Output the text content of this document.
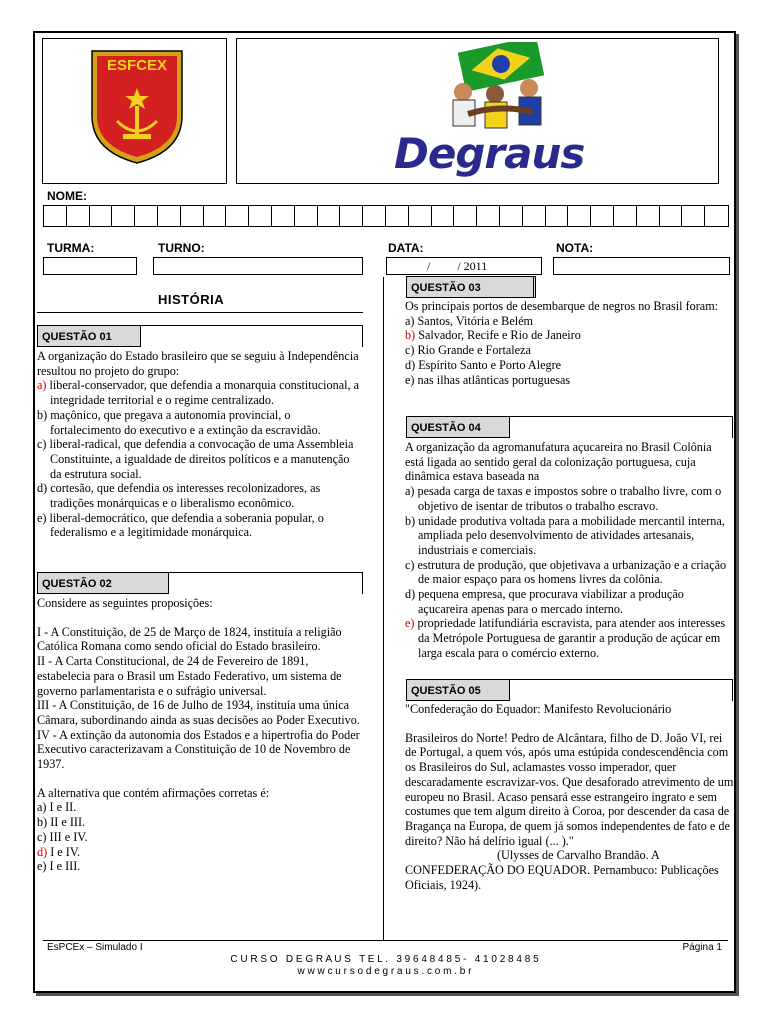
ESFCEX
Degraus
NOME:
TURMA:	TURNO:	DATA:	NOTA:
/         / 2011
HISTÓRIA
QUESTÃO 01

A organização do Estado brasileiro que se seguiu à Independência resultou no projeto do grupo:

a) liberal-conservador, que defendia a monarquia constitucional, a integridade territorial e o regime centralizado.

b) maçônico, que pregava a autonomia provincial, o fortalecimento do executivo e a extinção da escravidão.

c) liberal-radical, que defendia a convocação de uma Assembleia Constituinte, a igualdade de direitos políticos e a manutenção da estrutura social.

d) cortesão, que defendia os interesses recolonizadores, as tradições monárquicas e o liberalismo econômico.

e) liberal-democrático, que defendia a soberania popular, o federalismo e a legitimidade monárquica.

QUESTÃO 02

Considere as seguintes proposições:

I - A Constituição, de 25 de Março de 1824, instituía a religião Católica Romana como sendo oficial do Estado brasileiro.

II - A Carta Constitucional, de 24 de Fevereiro de 1891, estabelecia para o Brasil um Estado Federativo, um sistema de governo parlamentarista e o sufrágio universal.

III - A Constituição, de 16 de Julho de 1934, instituía uma única Câmara, subordinando ainda as suas decisões ao Poder Executivo.

IV - A extinção da autonomia dos Estados e a hipertrofia do Poder Executivo caracterizavam a Constituição de 10 de Novembro de 1937.

A alternativa que contém afirmações corretas é:

a) I e II.

b) II e III.

c) III e IV.

d) I e IV.

e) I e III.

QUESTÃO 03

Os principais portos de desembarque de negros no Brasil foram:

a) Santos, Vitória e Belém

b) Salvador, Recife e Rio de Janeiro

c) Rio Grande e Fortaleza

d) Espírito Santo e Porto Alegre

e) nas ilhas atlânticas portuguesas

QUESTÃO 04

A organização da agromanufatura açucareira no Brasil Colônia está ligada ao sentido geral da colonização portuguesa, cuja dinâmica estava baseada na

a) pesada carga de taxas e impostos sobre o trabalho livre, com o objetivo de isentar de tributos o trabalho escravo.

b) unidade produtiva voltada para a mobilidade mercantil interna, ampliada pelo desenvolvimento de atividades artesanais, industriais e comerciais.

c) estrutura de produção, que objetivava a urbanização e a criação de maior espaço para os homens livres da colônia.

d) pequena empresa, que procurava viabilizar a produção açucareira apenas para o mercado interno.

e) propriedade latifundiária escravista, para atender aos interesses da Metrópole Portuguesa de garantir a produção de açúcar em larga escala para o comércio externo.

QUESTÃO 05

"Confederação do Equador: Manifesto Revolucionário

Brasileiros do Norte! Pedro de Alcântara, filho de D. João VI, rei de Portugal, a quem vós, após uma estúpida condescendência com os Brasileiros do Sul, aclamastes vosso imperador, quer descaradamente escravizar-vos. Que desaforado atrevimento de um europeu no Brasil. Acaso pensará esse estrangeiro ingrato e sem costumes que tem algum direito à Coroa, por descender da casa de Bragança na Europa, de quem já somos independentes de fato e de direito? Não há delírio igual (... )."

(Ulysses de Carvalho Brandão. A

CONFEDERAÇÃO DO EQUADOR. Pernambuco: Publicações Oficiais, 1924).

EsPCEx – Simulado I	Página 1
C U R S O   D E G R A U S   T E L .   3 9 6 4 8 4 8 5 -   4 1 0 2 8 4 8 5
w w w c u r s o d e g r a u s . c o m . b r
